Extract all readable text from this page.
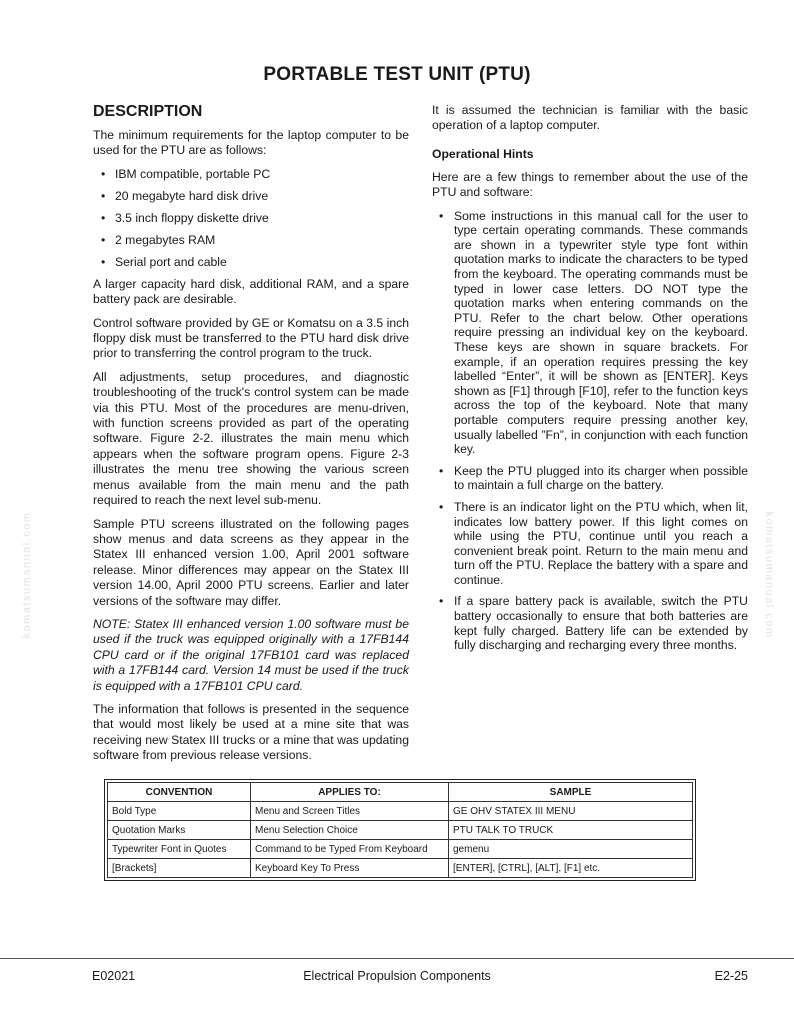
PORTABLE TEST UNIT (PTU)
komatsumanual.com	komatsumanual.com
DESCRIPTION

The minimum requirements for the laptop computer to be used for the PTU are as follows:

• IBM compatible, portable PC
• 20 megabyte hard disk drive
• 3.5 inch floppy diskette drive
• 2 megabytes RAM
• Serial port and cable

A larger capacity hard disk, additional RAM, and a spare battery pack are desirable.

Control software provided by GE or Komatsu on a 3.5 inch floppy disk must be transferred to the PTU hard disk drive prior to transferring the control program to the truck.

All adjustments, setup procedures, and diagnostic troubleshooting of the truck's control system can be made via this PTU. Most of the procedures are menu-driven, with function screens provided as part of the operating software. Figure 2-2. illustrates the main menu which appears when the software program opens. Figure 2-3 illustrates the menu tree showing the various screen menus available from the main menu and the path required to reach the next level sub-menu.

Sample PTU screens illustrated on the following pages show menus and data screens as they appear in the Statex III enhanced version 1.00, April 2001 software release. Minor differences may appear on the Statex III version 14.00, April 2000 PTU screens. Earlier and later versions of the software may differ.

NOTE: Statex III enhanced version 1.00 software must be used if the truck was equipped originally with a 17FB144 CPU card or if the original 17FB101 card was replaced with a 17FB144 card. Version 14 must be used if the truck is equipped with a 17FB101 CPU card.

The information that follows is presented in the sequence that would most likely be used at a mine site that was receiving new Statex III trucks or a mine that was updating software from previous release versions.

It is assumed the technician is familiar with the basic operation of a laptop computer.

Operational Hints

Here are a few things to remember about the use of the PTU and software:

• Some instructions in this manual call for the user to type certain operating commands. These commands are shown in a typewriter style type font within quotation marks to indicate the characters to be typed from the keyboard. The operating commands must be typed in lower case letters. DO NOT type the quotation marks when entering commands on the PTU. Refer to the chart below. Other operations require pressing an individual key on the keyboard. These keys are shown in square brackets. For example, if an operation requires pressing the key labelled “Enter”, it will be shown as [ENTER]. Keys shown as [F1] through [F10], refer to the function keys across the top of the keyboard. Note that many portable computers require pressing another key, usually labelled ”Fn”, in conjunction with each function key.
• Keep the PTU plugged into its charger when possible to maintain a full charge on the battery.
• There is an indicator light on the PTU which, when lit, indicates low battery power. If this light comes on while using the PTU, continue until you reach a convenient break point. Return to the main menu and turn off the PTU. Replace the battery with a spare and continue.
• If a spare battery pack is available, switch the PTU battery occasionally to ensure that both batteries are kept fully charged. Battery life can be extended by fully discharging and recharging every three months.
CONVENTION	APPLIES TO:	SAMPLE
Bold Type	Menu and Screen Titles	GE OHV STATEX III MENU
Quotation Marks	Menu Selection Choice	PTU TALK TO TRUCK
Typewriter Font in Quotes	Command to be Typed From Keyboard	gemenu
[Brackets]	Keyboard Key To Press	[ENTER], [CTRL], [ALT], [F1] etc.
E02021	Electrical Propulsion Components	E2-25
